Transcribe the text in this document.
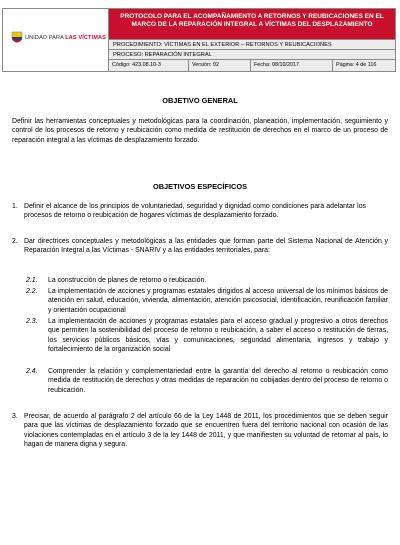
UNIDAD PARA LAS VÍCTIMAS
PROTOCOLO PARA EL ACOMPAÑAMIENTO A RETORNOS Y REUBICACIONES EN EL MARCO DE LA REPARACIÓN INTEGRAL A VÍCTIMAS DEL DESPLAZAMIENTO
PROCEDIMIENTO: VÍCTIMAS EN EL EXTERIOR – RETORNOS Y REUBICACIONES
PROCESO: REPARACIÓN INTEGRAL
Código: 423.08.10-3	Versión: 02	Fecha: 08/10/2017	Página: 4 de 116
OBJETIVO GENERAL
Definir las herramientas conceptuales y metodológicas para la coordinación, planeación, implementación, seguimiento y control de los procesos de retorno y reubicación como medida de restitución de derechos en el marco de un proceso de reparación integral a las víctimas de desplazamiento forzado.
OBJETIVOS ESPECÍFICOS
1. Definir el alcance de los principios de voluntariedad, seguridad y dignidad como condiciones para adelantar los procesos de retorno o reubicación de hogares víctimas de desplazamiento forzado.
2. Dar directrices conceptuales y metodológicas a las entidades que forman parte del Sistema Nacional de Atención y Reparación Integral a las Víctimas - SNARIV y a las entidades territoriales, para:
2.1. La construcción de planes de retorno o reubicación.
2.2. La implementación de acciones y programas estatales dirigidos al acceso universal de los mínimos básicos de atención en salud, educación, vivienda, alimentación, atención psicosocial, identificación, reunificación familiar y orientación ocupacional
2.3. La implementación de acciones y programas estatales para el acceso gradual y progresivo a otros derechos que permiten la sostenibilidad del proceso de retorno o reubicación, a saber el acceso o restitución de tierras, los servicios públicos básicos, vías y comunicaciones, seguridad alimentaria, ingresos y trabajo y fortalecimiento de la organización social
2.4. Comprender la relación y complementariedad entre la garantía del derecho al retorno o reubicación como medida de restitución de derechos y otras medidas de reparación no cobijadas dentro del proceso de retorno o reubicación.
3. Precisar, de acuerdo al parágrafo 2 del artículo 66 de la Ley 1448 de 2011, los procedimientos que se deben seguir para que las víctimas de desplazamiento forzado que se encuentren fuera del territorio nacional con ocasión de las violaciones contempladas en el artículo 3 de la ley 1448 de 2011, y que manifiesten su voluntad de retornar al país, lo hagan de manera digna y segura.
